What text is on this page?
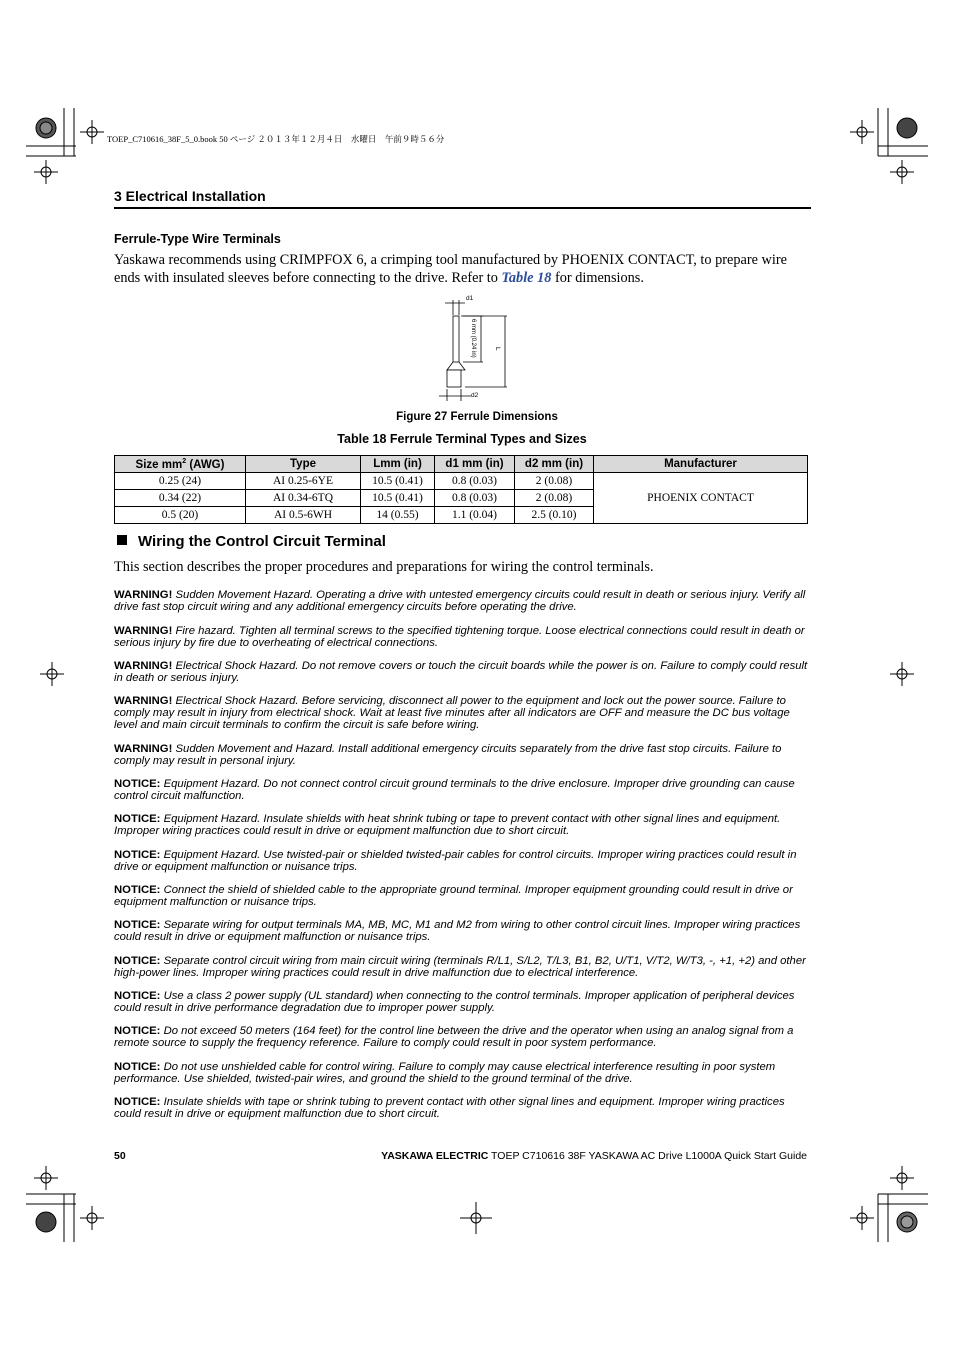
TOEP_C710616_38F_5_0.book 50 ページ ２０１３年１２月４日　水曜日　午前９時５６分
3 Electrical Installation
Ferrule-Type Wire Terminals
Yaskawa recommends using CRIMPFOX 6, a crimping tool manufactured by PHOENIX CONTACT, to prepare wire ends with insulated sleeves before connecting to the drive. Refer to Table 18 for dimensions.
d1
d2
6 mm (0.24 in)	L
Figure 27 Ferrule Dimensions
Table 18 Ferrule Terminal Types and Sizes
Size $mm^2$ (AWG)	Type	Lmm (in)	d1 mm (in)	d2 mm (in)	Manufacturer
0.25 (24)	AI 0.25-6YE	10.5 (0.41)	0.8 (0.03)	2 (0.08)	PHOENIX CONTACT
0.34 (22)	AI 0.34-6TQ	10.5 (0.41)	0.8 (0.03)	2 (0.08)	
0.5 (20)	AI 0.5-6WH	14 (0.55)	1.1 (0.04)	2.5 (0.10)	
Wiring the Control Circuit Terminal
This section describes the proper procedures and preparations for wiring the control terminals.
WARNING! Sudden Movement Hazard. Operating a drive with untested emergency circuits could result in death or serious injury. Verify all drive fast stop circuit wiring and any additional emergency circuits before operating the drive.
WARNING! Fire hazard. Tighten all terminal screws to the specified tightening torque. Loose electrical connections could result in death or serious injury by fire due to overheating of electrical connections.
WARNING! Electrical Shock Hazard. Do not remove covers or touch the circuit boards while the power is on. Failure to comply could result in death or serious injury.
WARNING! Electrical Shock Hazard. Before servicing, disconnect all power to the equipment and lock out the power source. Failure to comply may result in injury from electrical shock. Wait at least five minutes after all indicators are OFF and measure the DC bus voltage level and main circuit terminals to confirm the circuit is safe before wiring.
WARNING! Sudden Movement and Hazard. Install additional emergency circuits separately from the drive fast stop circuits. Failure to comply may result in personal injury.
NOTICE: Equipment Hazard. Do not connect control circuit ground terminals to the drive enclosure. Improper drive grounding can cause control circuit malfunction.
NOTICE: Equipment Hazard. Insulate shields with heat shrink tubing or tape to prevent contact with other signal lines and equipment. Improper wiring practices could result in drive or equipment malfunction due to short circuit.
NOTICE: Equipment Hazard. Use twisted-pair or shielded twisted-pair cables for control circuits. Improper wiring practices could result in drive or equipment malfunction or nuisance trips.
NOTICE: Connect the shield of shielded cable to the appropriate ground terminal. Improper equipment grounding could result in drive or equipment malfunction or nuisance trips.
NOTICE: Separate wiring for output terminals MA, MB, MC, M1 and M2 from wiring to other control circuit lines. Improper wiring practices could result in drive or equipment malfunction or nuisance trips.
NOTICE: Separate control circuit wiring from main circuit wiring (terminals R/L1, S/L2, T/L3, B1, B2, U/T1, V/T2, W/T3, -, +1, +2) and other high-power lines. Improper wiring practices could result in drive malfunction due to electrical interference.
NOTICE: Use a class 2 power supply (UL standard) when connecting to the control terminals. Improper application of peripheral devices could result in drive performance degradation due to improper power supply.
NOTICE: Do not exceed 50 meters (164 feet) for the control line between the drive and the operator when using an analog signal from a remote source to supply the frequency reference. Failure to comply could result in poor system performance.
NOTICE: Do not use unshielded cable for control wiring. Failure to comply may cause electrical interference resulting in poor system performance. Use shielded, twisted-pair wires, and ground the shield to the ground terminal of the drive.
NOTICE: Insulate shields with tape or shrink tubing to prevent contact with other signal lines and equipment. Improper wiring practices could result in drive or equipment malfunction due to short circuit.
50	YASKAWA ELECTRIC TOEP C710616 38F YASKAWA AC Drive L1000A Quick Start Guide
